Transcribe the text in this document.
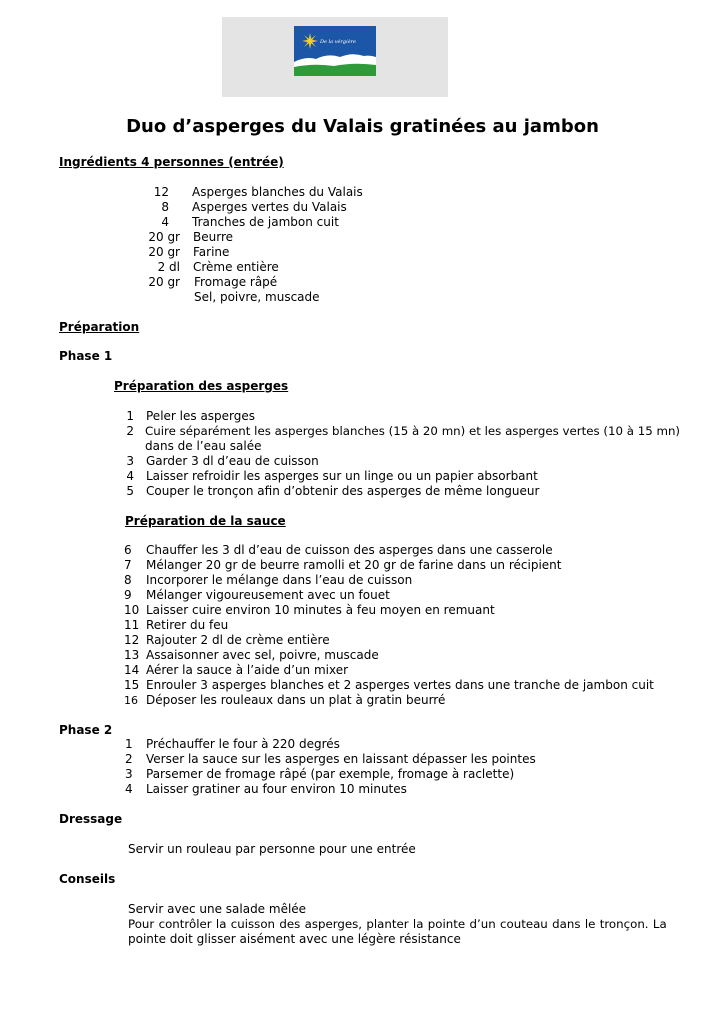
De la vérgière
Duo d’asperges du Valais gratinées au jambon
Ingrédients 4 personnes (entrée)
12 Asperges blanches du Valais
8 Asperges vertes du Valais
4 Tranches de jambon cuit
20 gr Beurre
20 gr Farine
2 dl Crème entière
20 gr Fromage râpé
Sel, poivre, muscade
Préparation
Phase 1
Préparation des asperges
1 Peler les asperges
2 Cuire séparément les asperges blanches (15 à 20 mn) et les asperges vertes (10 à 15 mn)
dans de l’eau salée
3 Garder 3 dl d’eau de cuisson
4 Laisser refroidir les asperges sur un linge ou un papier absorbant
5 Couper le tronçon afin d’obtenir des asperges de même longueur
Préparation de la sauce
6 Chauffer les 3 dl d’eau de cuisson des asperges dans une casserole
7 Mélanger 20 gr de beurre ramolli et 20 gr de farine dans un récipient
8 Incorporer le mélange dans l’eau de cuisson
9 Mélanger vigoureusement avec un fouet
10 Laisser cuire environ 10 minutes à feu moyen en remuant
11 Retirer du feu
12 Rajouter 2 dl de crème entière
13 Assaisonner avec sel, poivre, muscade
14 Aérer la sauce à l’aide d’un mixer
15 Enrouler 3 asperges blanches et 2 asperges vertes dans une tranche de jambon cuit
16 Déposer les rouleaux dans un plat à gratin beurré
Phase 2
1 Préchauffer le four à 220 degrés
2 Verser la sauce sur les asperges en laissant dépasser les pointes
3 Parsemer de fromage râpé (par exemple, fromage à raclette)
4 Laisser gratiner au four environ 10 minutes
Dressage
Servir un rouleau par personne pour une entrée
Conseils
Servir avec une salade mêlée
Pour contrôler la cuisson des asperges, planter la pointe d’un couteau dans le tronçon. La
pointe doit glisser aisément avec une légère résistance
